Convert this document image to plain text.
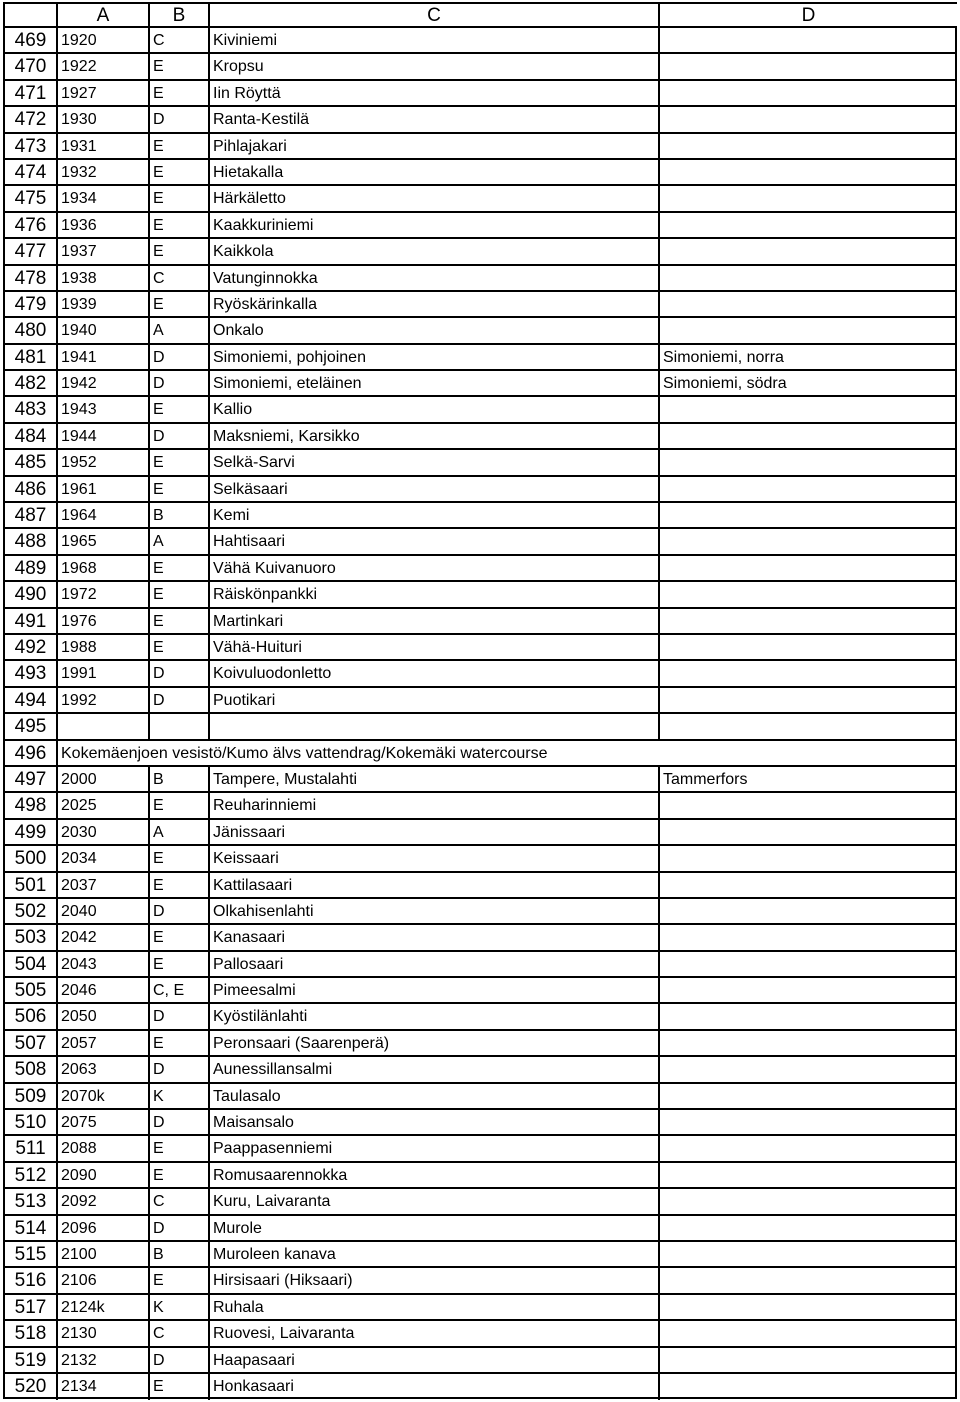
A	B	C	D
469 1920	C	Kiviniemi
470 1922	E	Kropsu
471 1927	E	Iin Röyttä
472 1930	D	Ranta-Kestilä
473 1931	E	Pihlajakari
474 1932	E	Hietakalla
475 1934	E	Härkäletto
476 1936	E	Kaakkuriniemi
477 1937	E	Kaikkola
478 1938	C	Vatunginnokka
479 1939	E	Ryöskärinkalla
480 1940	A	Onkalo
481 1941	D	Simoniemi, pohjoinen	Simoniemi, norra
482 1942	D	Simoniemi, eteläinen	Simoniemi, södra
483 1943	E	Kallio
484 1944	D	Maksniemi, Karsikko
485 1952	E	Selkä-Sarvi
486 1961	E	Selkäsaari
487 1964	B	Kemi
488 1965	A	Hahtisaari
489 1968	E	Vähä Kuivanuoro
490 1972	E	Räiskönpankki
491 1976	E	Martinkari
492 1988	E	Vähä-Huituri
493 1991	D	Koivuluodonletto
494 1992	D	Puotikari
495
496 Kokemäenjoen vesistö/Kumo älvs vattendrag/Kokemäki watercourse
497 2000	B	Tampere, Mustalahti	Tammerfors
498 2025	E	Reuharinniemi
499 2030	A	Jänissaari
500 2034	E	Keissaari
501 2037	E	Kattilasaari
502 2040	D	Olkahisenlahti
503 2042	E	Kanasaari
504 2043	E	Pallosaari
505 2046	C, E	Pimeesalmi
506 2050	D	Kyöstilänlahti
507 2057	E	Peronsaari (Saarenperä)
508 2063	D	Aunessillansalmi
509 2070k	K	Taulasalo
510 2075	D	Maisansalo
511 2088	E	Paappasenniemi
512 2090	E	Romusaarennokka
513 2092	C	Kuru, Laivaranta
514 2096	D	Murole
515 2100	B	Muroleen kanava
516 2106	E	Hirsisaari (Hiksaari)
517 2124k	K	Ruhala
518 2130	C	Ruovesi, Laivaranta
519 2132	D	Haapasaari
520 2134	E	Honkasaari
